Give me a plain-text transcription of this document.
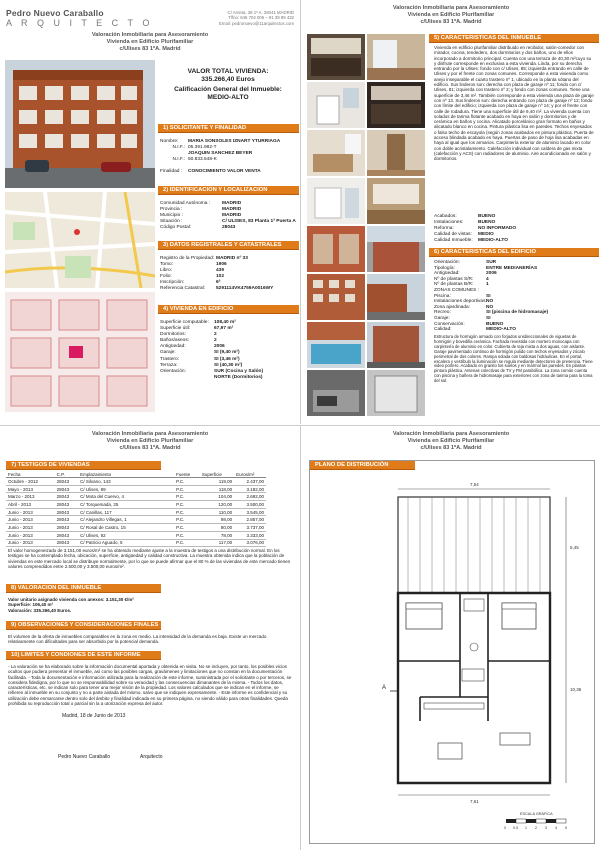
Pedro Nuevo Caraballo
A R Q U I T E C T O
C/ Arrieta, 38 1º A. 28041 MADRID
Tlfno: 646 704 006 – 91 39 89 432
Email: pedronuevo@11arquitectos.com
Valoración Inmobiliaria para Asesoramiento
Vivienda en Edificio Plurifamiliar
c/Ulises 83 1ºA. Madrid
VALOR TOTAL VIVIENDA:
335.266,40 Euros
Calificación General del Inmueble:
MEDIO-ALTO
1) SOLICITANTE Y FINALIDAD
Nombre:	MARIA SONSOLES IZNART YTURRIAGA
N.I.F.: 05.391.982-T
JOAQUIN SANCHEZ BEYER
N.I.F.: 50.833.548-K
Finalidad :	CONOCIMIENTO VALOR VENTA
2) IDENTIFICACION Y LOCALIZACION
Comunidad Autónoma :	MADRID
Provincia :	MADRID
Municipio :	MADRID
Situación :	C/ ULISES, 83 Planta 1ª Puerta A
Código Postal:	28043
3) DATOS REGISTRALES Y CATASTRALES
Registro de la Propiedad: MADRID nº 33
Tomo:	1906
Libro:	439
Folio:	102
Inscripción:	6ª
Referencia Catastral:	5291114VK4759A0016WY
4) VIVIENDA EN EDIFICIO
Superficie computable:	108,40 m²
Superficie útil:	67,97 m²
Dormitorios:	2
Baños/aseos:	2
Antigüedad:	2006
Garaje:	SI (9,40 m²)
Trastero:	SI (3,46 m²)
Terraza:	SI (40,30 m²)
Orientación:	SUR (Cocina y Salón)
NORTE (Dormitorios)
Valoración Inmobiliaria para Asesoramiento
Vivienda en Edificio Plurifamiliar
c/Ulises 83 1ºA. Madrid
5) CARACTERISTICAS DEL INMUEBLE
Vivienda en edificio plurifamiliar distribuido en recibidor, salón-comedor con mirador, cocina, tendedero, dos dormitorios y dos baños, uno de ellos incorporado a dormitorio principal. Cuenta con una terraza de 40,30 m²cuyo su y disfrute corresponde en exclusiva a esta vivienda. Linda, por su derecha entrando por la Ulises: fondo con c/ Ulises, 85; izquierda entrando en calle de Ulises y por el frente con zonas comunes. Corresponde a esta vivienda como anejo inseparable el cuarto trastero nº 1, ubicado en la planta sótano del edificio. Sus linderos son: derecha con plaza de garaje nº 11; fondo con c/ Ulises, 81; izquierda con trastero nº 2; y fondo con zonas comunes. Tiene una superficie de 3,46 m². También corresponde a esta vivienda una plaza de garaje con nº 13. Sus linderos son: derecha entrando con plaza de garaje nº 12; fondo con límite del edificio; izquierda con plaza de garaje nº 14; y por el frente con calle de rodadura. Tiene una superficie útil de 9,40 m². La vivienda cuenta con solados de tarima flotante acabado en haya en salón y dormitorios y de cerámica en baños y cocina. Alicatado porcelánico gran formato en baños y alicatado blanco en cocina. Pintura plástica lisa en paredes. Techos enyesados o falso techo de escayola (según zonas acabados en pintura plástica. Puerta de acceso blindada acabado en haya. Puertas de paso de hoja lisa acabadas en haya al igual que los armarios. Carpintería exterior de aluminio lacado en color con doble acristalamiento. Calefacción individual con caldera de gas mixta (calefacción y ACS) con radiadores de aluminio. Aire acondicionado en salón y dormitorios.
Acabados:	BUENO
Instalaciones:	BUENO
Reforma:	NO INFORMADO
Calidad de vistas:	MEDIO
Calidad Inmueble:	MEDIO-ALTO
6) CARACTERISTICAS DEL EDIFICIO
Orientación:	SUR
Tipología:	ENTRE MEDIANERÍAS
Antigüedad:	2006
Nº de plantas S/R:	4
Nº de plantas B/R:	1
ZONAS COMUNES :
Piscina:	SI
Instalaciones deportivas: NO
Zona ajardinada:	NO
Recreo:	SI (piscina de hidromasaje)
Garaje:	SI
Conservación:	BUENO
Calidad:	MEDIO-ALTO
Estructura de hormigón armado con forjados unidireccionales de viguetas de hormigón y bovedilla cerámica. Fachada revestida con mortero monocapa con carpintería de aluminio en color. Cubierta de teja mixta a dos aguas, con aislante. Garaje pavimentado continuo de hormigón pulido con techos enyesados y zócalo perimetral de dos colores. Rampa solada con baldosas hidráulicas. En el portal, escalera y vestíbulo la iluminación se regula mediante detectores de presencia. Tiene video portero. Acabado en granito los suelos y en mármol las paredes. En plantas pintura plástica. Antenas colectivas de TV y FM parabólica. La zona común cuenta con piscina y bañera de hidromasaje para exteriores con zona de tarima para la toma del sol.
Valoración Inmobiliaria para Asesoramiento
Vivienda en Edificio Plurifamiliar
c/Ulises 83 1ºA. Madrid
7) TESTIGOS DE VIVIENDAS
Fecha	C.P.	Emplazamiento	Fuente	Superficie	Euros/m²
Octubre - 2012	28043	C/ Silvano, 143	P.C.	119,00	2.437,00
Mayo - 2013	28043	C/ Ulises, 89	P.C.	118,00	3.182,00
Marzo - 2013	28043	C/ Mota del Cuervo, 4	P.C.	104,00	2.692,00
Abril - 2013	28043	C/ Torquemada, 25	P.C.	120,00	3.500,00
Junio - 2013	28043	C/ Canillas, 117	P.C.	110,00	3.545,00
Junio - 2013	28043	C/ Alejandro Villegas, 1	P.C.	98,00	2.857,00
Junio - 2013	28043	C/ Rosal de Castro, 15	P.C.	80,00	3.737,00
Junio - 2013	28043	C/ Ulises, 92	P.C.	78,00	3.333,00
Junio - 2013	28043	C/ Patricio Aguado, 5	P.C.	117,00	3.076,00
El valor homogeneizado de 3.151,00 euros/m² se ha obtenido mediante ajuste a la muestra de testigos a una distribución normal. En los testigos se ha contemplado fecha, ubicación, superficie, antigüedad y calidad constructiva. La muestra obtenida indica que la población de viviendas en este mercado local se distribuye normalmente, por lo que se puede afirmar que el 80 % de las viviendas de este mercado tienen valores comprendidos entre 2.500,00 y 3.500,00 euros/m².
8) VALORACION DEL INMUEBLE
Valor unitario asignado vivienda con anexos: 3.151,30 €/m²
Superficie: 106,40 m²
Valoración: 335.266,40 Euros.
9) OBSERVACIONES Y CONSIDERACIONES FINALES
El volumen de la oferta de inmuebles comparables en la zona es medio. La intensidad de la demanda es baja. Existe un mercado relativamente con dificultades para ser absorbido por la potencial demanda.
10) LIMITES Y CONDIONES DE ESTE INFORME
- La valoración se ha elaborado sobre la información documental aportada y obtenida en visita. No se incluyen, por tanto, los posibles vicios ocultos que pudiera presentar el inmueble, así como las posibles cargas, gravámenes y limitaciones que no constan en la documentación facilitada. - Toda la documentación e información utilizada para la realización de este informe, suministrada por el solicitante o por terceros, se considera fidedigna, por lo que no se responsabilidad sobre su veracidad y las consecuencias dimanantes de la misma. - Todos los datos, características, etc. se indican solo para tener una mejor visión de la propiedad. Los valores calculados que se indican en el informe, se refieren al inmueble en su conjunto y no a parte aislada del mismo, salvo que se indiquen expresamente. - Este informe es confidencial y su utilización debe enmarcarse dentro solo del ámbito y finalidad indicada en su primera página, no siendo válido para otras finalidades. Queda prohibida su reproducción total o parcial sin la a utorización expresa del autor.
Madrid, 18 de Junio de 2013
Pedro Nuevo Caraballo	Arquitecto
Valoración Inmobiliaria para Asesoramiento
Vivienda en Edificio Plurifamiliar
c/Ulises 83 1ºA. Madrid
PLANO DE DISTRIBUCIÓN
7,54
A
5,45
10,36
7,61
ESCALA GRÁFICA
0 0.5 1 2 3 4 5
